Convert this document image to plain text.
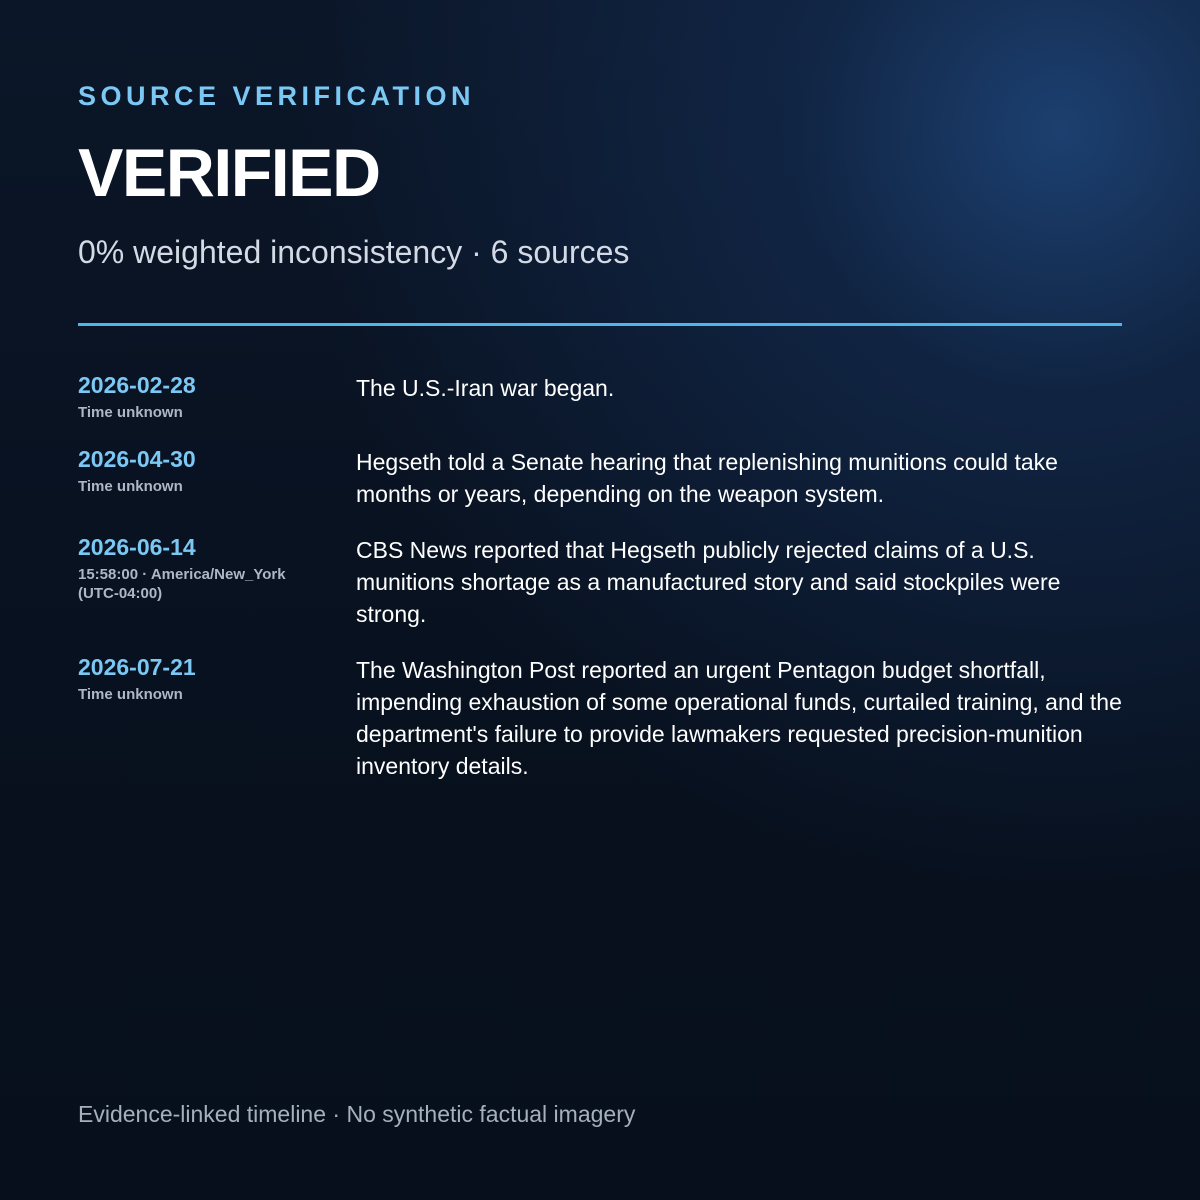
SOURCE VERIFICATION
VERIFIED
0% weighted inconsistency · 6 sources
2026-02-28
Time unknown
The U.S.-Iran war began.
2026-04-30
Time unknown
Hegseth told a Senate hearing that replenishing munitions could take months or years, depending on the weapon system.
2026-06-14
15:58:00 · America/New_York (UTC-04:00)
CBS News reported that Hegseth publicly rejected claims of a U.S. munitions shortage as a manufactured story and said stockpiles were strong.
2026-07-21
Time unknown
The Washington Post reported an urgent Pentagon budget shortfall, impending exhaustion of some operational funds, curtailed training, and the department's failure to provide lawmakers requested precision-munition inventory details.
Evidence-linked timeline · No synthetic factual imagery
